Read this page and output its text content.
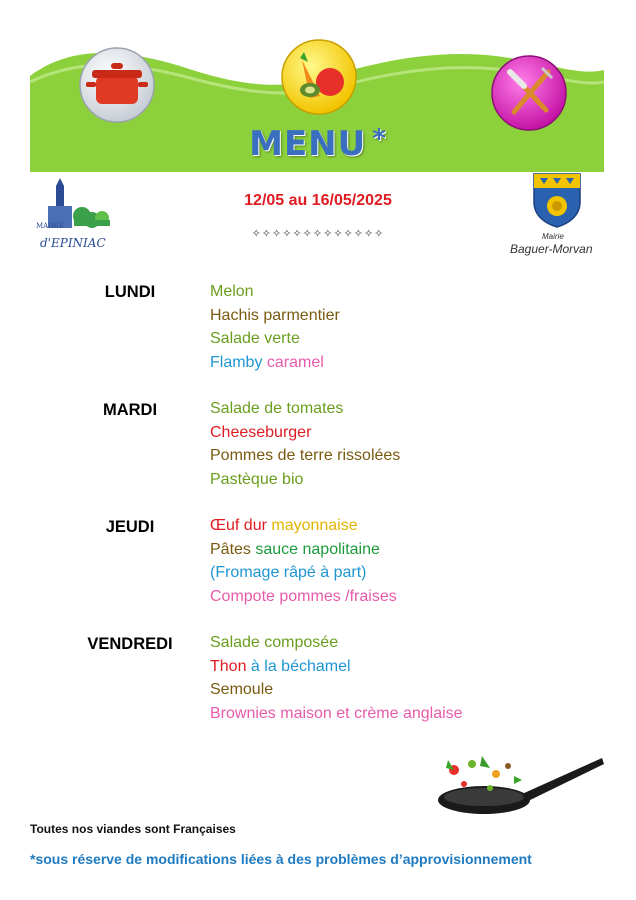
MENU *
MAIRIE
d'EPINIAC	Mairie
Baguer-Morvan
12/05 au 16/05/2025
✧✧✧✧✧✧✧✧✧✧✧✧✧
LUNDI	Melon
Hachis parmentier
Salade verte
Flamby caramel
MARDI	Salade de tomates
Cheeseburger
Pommes de terre rissolées
Pastèque bio
JEUDI	Œuf dur mayonnaise
Pâtes sauce napolitaine
(Fromage râpé à part)
Compote pommes /fraises
VENDREDI	Salade composée
Thon à la béchamel
Semoule
Brownies maison et crème anglaise
Toutes nos viandes sont Françaises
*sous réserve de modifications liées à des problèmes d’approvisionnement
